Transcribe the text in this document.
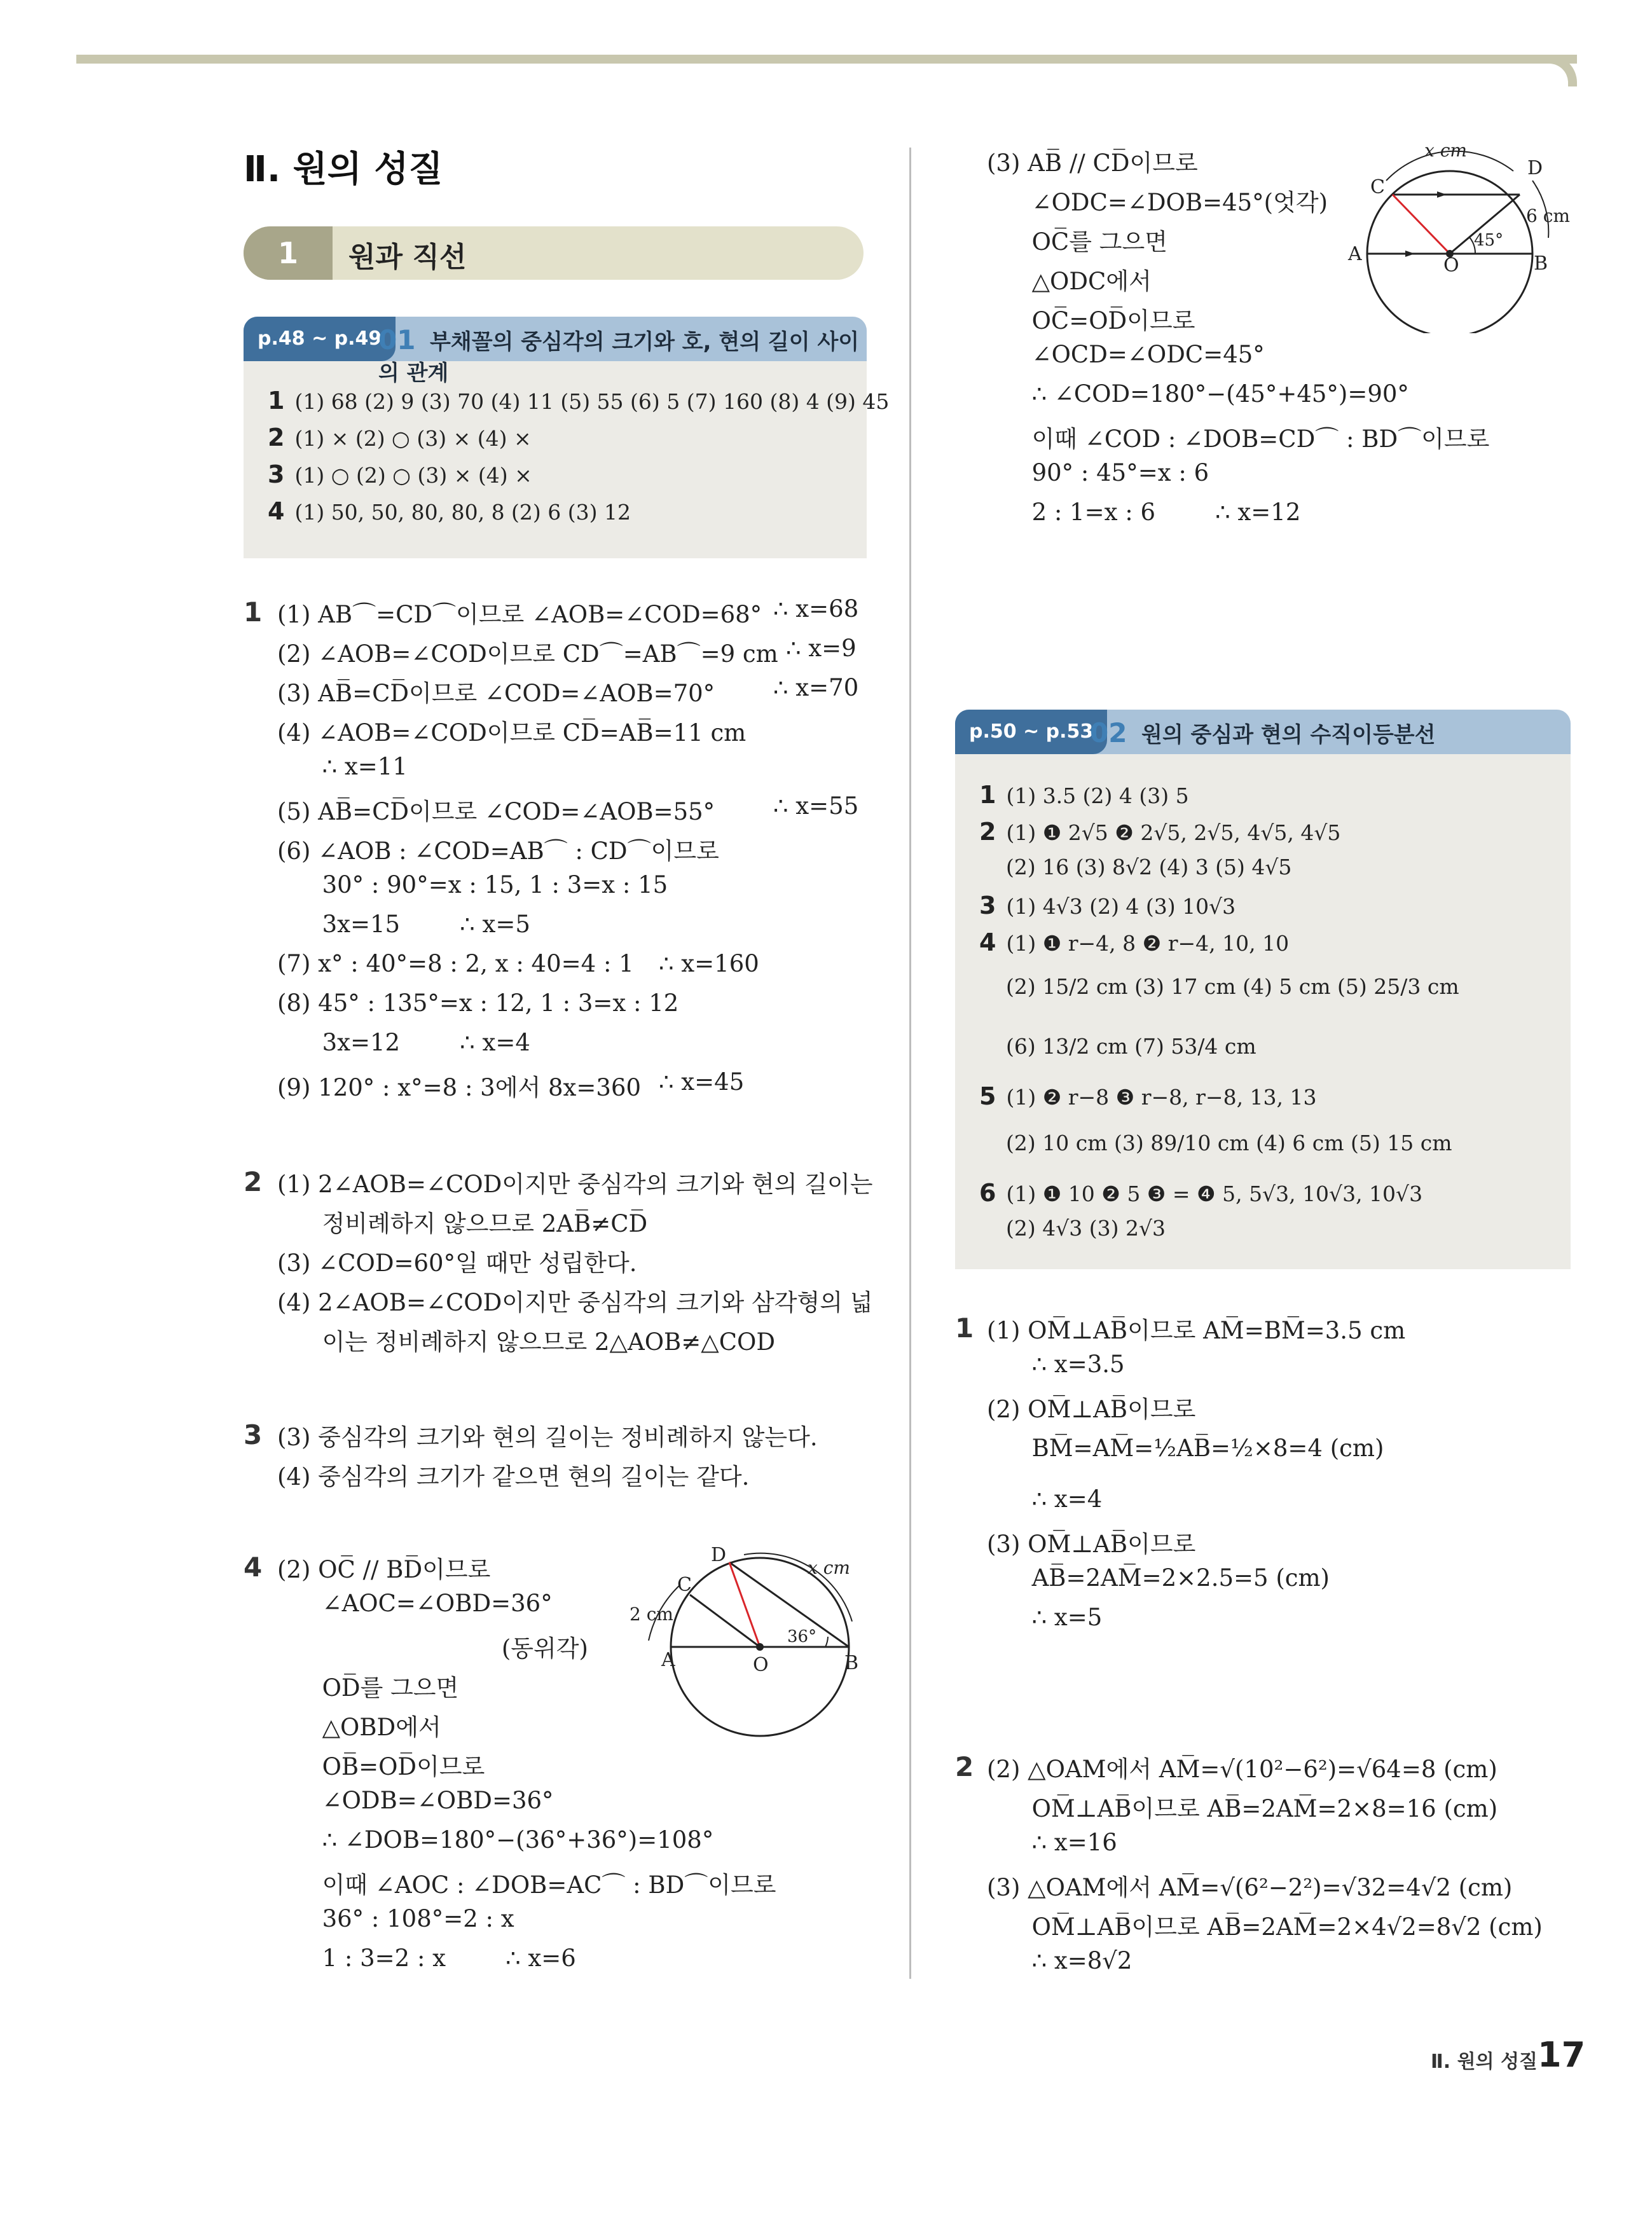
Ⅱ. 원의 성질
1	원과 직선
p.48 ~ p.49
01 부채꼴의 중심각의 크기와 호, 현의 길이 사이의 관계
1 (1) 68 (2) 9 (3) 70 (4) 11 (5) 55 (6) 5 (7) 160 (8) 4 (9) 45
2 (1) × (2) ○ (3) × (4) ×
3 (1) ○ (2) ○ (3) × (4) ×
4 (1) 50, 50, 80, 80, 8 (2) 6 (3) 12
1 (1) AB⌒=CD⌒이므로 ∠AOB=∠COD=68° ∴ x=68
(2) ∠AOB=∠COD이므로 CD⌒=AB⌒=9 cm ∴ x=9
(3) AB̅=CD̅이므로 ∠COD=∠AOB=70° ∴ x=70
(4) ∠AOB=∠COD이므로 CD̅=AB̅=11 cm
∴ x=11
(5) AB̅=CD̅이므로 ∠COD=∠AOB=55° ∴ x=55
(6) ∠AOB : ∠COD=AB⌒ : CD⌒이므로
30° : 90°=x : 15, 1 : 3=x : 15
3x=15        ∴ x=5
(7) x° : 40°=8 : 2, x : 40=4 : 1 ∴ x=160
(8) 45° : 135°=x : 12, 1 : 3=x : 12
3x=12        ∴ x=4
(9) 120° : x°=8 : 3에서 8x=360 ∴ x=45
2 (1) 2∠AOB=∠COD이지만 중심각의 크기와 현의 길이는
정비례하지 않으므로 2AB̅≠CD̅
(3) ∠COD=60°일 때만 성립한다.
(4) 2∠AOB=∠COD이지만 중심각의 크기와 삼각형의 넓
이는 정비례하지 않으므로 2△AOB≠△COD
3 (3) 중심각의 크기와 현의 길이는 정비례하지 않는다.
(4) 중심각의 크기가 같으면 현의 길이는 같다.
4 (2) OC̅ // BD̅이므로
∠AOC=∠OBD=36°
(동위각)
OD̅를 그으면
△OBD에서
OB̅=OD̅이므로
∠ODB=∠OBD=36°
∴ ∠DOB=180°−(36°+36°)=108°
이때 ∠AOC : ∠DOB=AC⌒ : BD⌒이므로
36° : 108°=2 : x
1 : 3=2 : x        ∴ x=6
A	B
C
D
O
2 cm
x cm
36°
(3) AB̅ // CD̅이므로
∠ODC=∠DOB=45°(엇각)
OC̅를 그으면
△ODC에서
OC̅=OD̅이므로
∠OCD=∠ODC=45°
∴ ∠COD=180°−(45°+45°)=90°
이때 ∠COD : ∠DOB=CD⌒ : BD⌒이므로
90° : 45°=x : 6
2 : 1=x : 6        ∴ x=12
A	B
C
D
O
6 cm
x cm
45°
p.50 ~ p.53
02 원의 중심과 현의 수직이등분선
1 (1) 3.5 (2) 4 (3) 5
2 (1) ❶ 2√5 ❷ 2√5, 2√5, 4√5, 4√5
(2) 16 (3) 8√2 (4) 3 (5) 4√5
3 (1) 4√3 (2) 4 (3) 10√3
4 (1) ❶ r−4, 8 ❷ r−4, 10, 10
(2) 15/2 cm (3) 17 cm (4) 5 cm (5) 25/3 cm
(6) 13/2 cm (7) 53/4 cm
5 (1) ❷ r−8 ❸ r−8, r−8, 13, 13
(2) 10 cm (3) 89/10 cm (4) 6 cm (5) 15 cm
6 (1) ❶ 10 ❷ 5 ❸ = ❹ 5, 5√3, 10√3, 10√3
(2) 4√3 (3) 2√3
1 (1) OM̅⊥AB̅이므로 AM̅=BM̅=3.5 cm
∴ x=3.5
(2) OM̅⊥AB̅이므로
BM̅=AM̅=½AB̅=½×8=4 (cm)
∴ x=4
(3) OM̅⊥AB̅이므로
AB̅=2AM̅=2×2.5=5 (cm)
∴ x=5
2 (2) △OAM에서 AM̅=√(10²−6²)=√64=8 (cm)
OM̅⊥AB̅이므로 AB̅=2AM̅=2×8=16 (cm)
∴ x=16
(3) △OAM에서 AM̅=√(6²−2²)=√32=4√2 (cm)
OM̅⊥AB̅이므로 AB̅=2AM̅=2×4√2=8√2 (cm)
∴ x=8√2
Ⅱ. 원의 성질 17
